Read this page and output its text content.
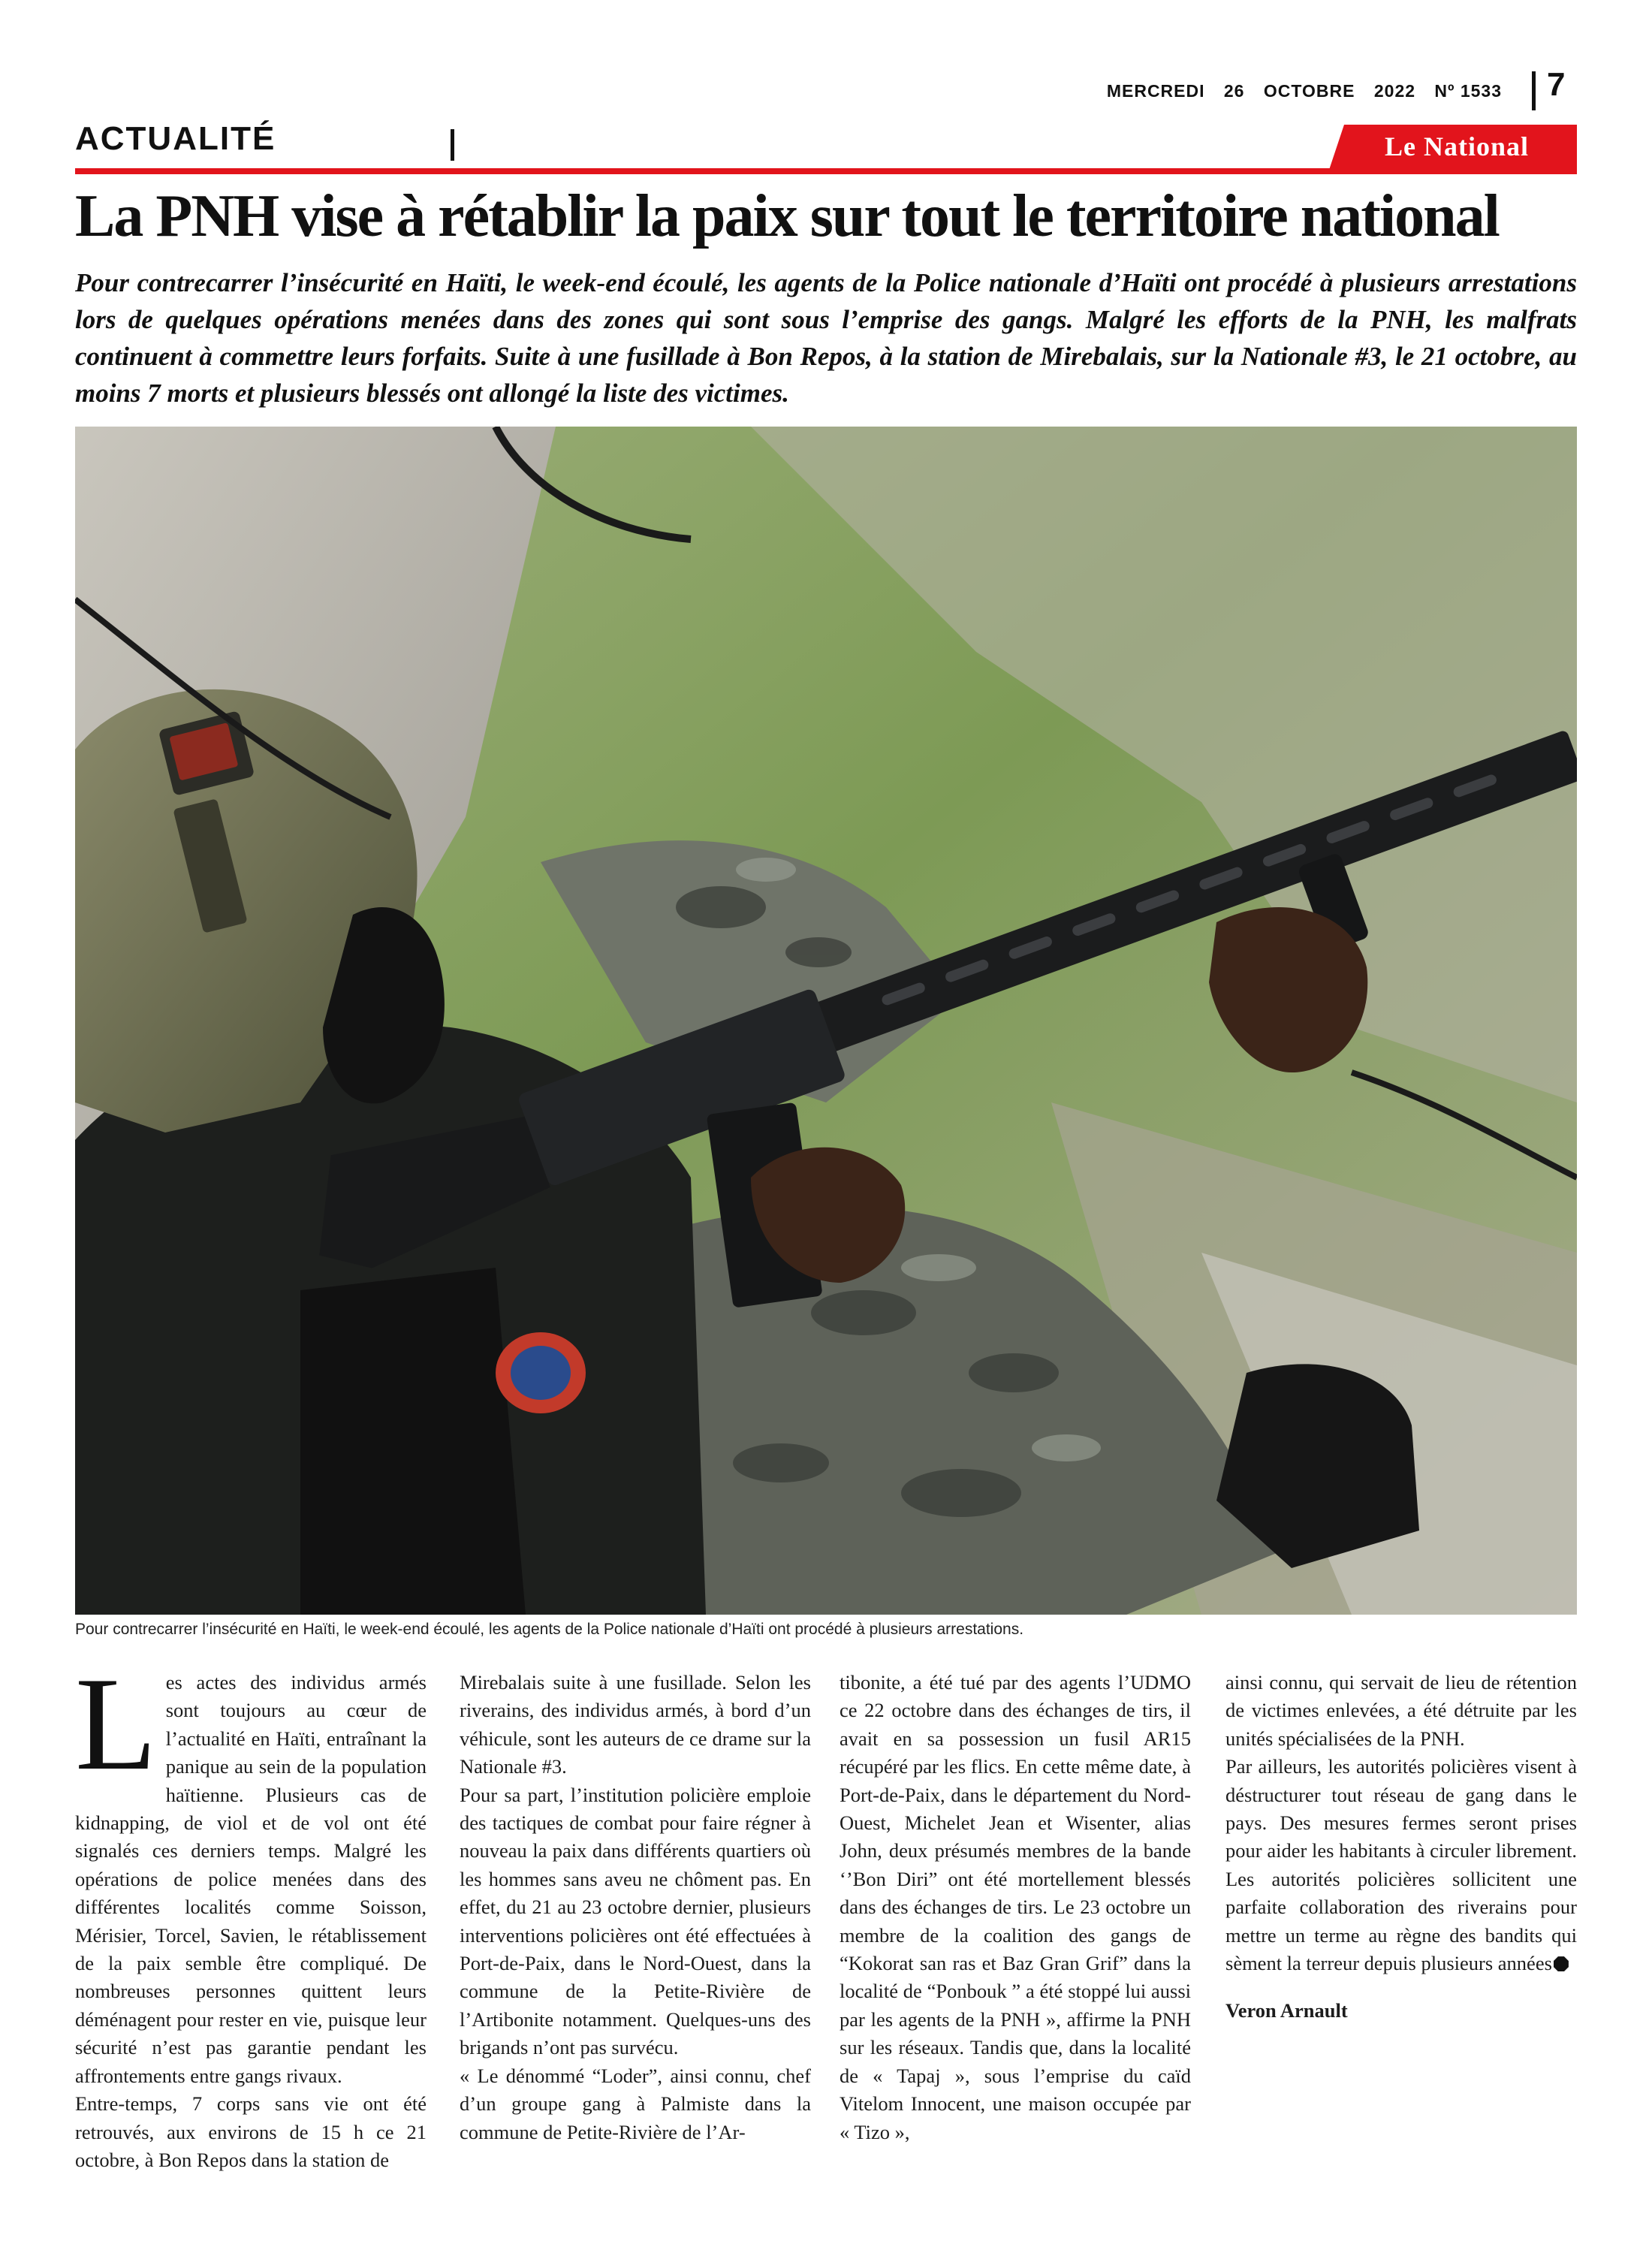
MERCREDI 26 OCTOBRE 2022 Nº 1533 7
ACTUALITÉ	Le National
La PNH vise à rétablir la paix sur tout le territoire national

Pour contrecarrer l’insécurité en Haïti, le week-end écoulé, les agents de la Police nationale d’Haïti ont procédé à plusieurs arrestations lors de quelques opérations menées dans des zones qui sont sous l’emprise des gangs. Malgré les efforts de la PNH, les malfrats continuent à commettre leurs forfaits. Suite à une fusillade à Bon Repos, à la station de Mirebalais, sur la Nationale #3, le 21 octobre, au moins 7 morts et plusieurs blessés ont allongé la liste des victimes.

Pour contrecarrer l’insécurité en Haïti, le week-end écoulé, les agents de la Police nationale d’Haïti ont procédé à plusieurs arrestations.
L es actes des individus armés sont toujours au cœur de l’actualité en Haïti, entraînant la panique au sein de la population haïtienne. Plusieurs cas de kidnapping, de viol et de vol ont été signalés ces derniers temps. Malgré les opérations de police menées dans des différentes localités comme Soisson, Mérisier, Torcel, Savien, le rétablissement de la paix semble être compliqué. De nombreuses personnes quittent leurs déménagent pour rester en vie, puisque leur sécurité n’est pas garantie pendant les affrontements entre gangs rivaux.

Entre-temps, 7 corps sans vie ont été retrouvés, aux environs de 15 h ce 21 octobre, à Bon Repos dans la station de

Mirebalais suite à une fusillade. Selon les riverains, des individus armés, à bord d’un véhicule, sont les auteurs de ce drame sur la Nationale #3.

Pour sa part, l’institution policière emploie des tactiques de combat pour faire régner à nouveau la paix dans différents quartiers où les hommes sans aveu ne chôment pas. En effet, du 21 au 23 octobre dernier, plusieurs interventions policières ont été effectuées à Port-de-Paix, dans le Nord-Ouest, dans la commune de la Petite-Rivière de l’Artibonite notamment. Quelques-uns des brigands n’ont pas survécu.

« Le dénommé “Loder”, ainsi connu, chef d’un groupe gang à Palmiste dans la commune de Petite-Rivière de l’Ar-

tibonite, a été tué par des agents l’UDMO ce 22 octobre dans des échanges de tirs, il avait en sa possession un fusil AR15 récupéré par les flics. En cette même date, à Port-de-Paix, dans le département du Nord-Ouest, Michelet Jean et Wisenter, alias John, deux présumés membres de la bande ‘’Bon Diri” ont été mortellement blessés dans des échanges de tirs. Le 23 octobre un membre de la coalition des gangs de “Kokorat san ras et Baz Gran Grif” dans la localité de “Ponbouk ” a été stoppé lui aussi par les agents de la PNH », affirme la PNH sur les réseaux. Tandis que, dans la localité de « Tapaj », sous l’emprise du caïd Vitelom Innocent, une maison occupée par « Tizo »,

ainsi connu, qui servait de lieu de rétention de victimes enlevées, a été détruite par les unités spécialisées de la PNH.

Par ailleurs, les autorités policières visent à déstructurer tout réseau de gang dans le pays. Des mesures fermes seront prises pour aider les habitants à circuler librement. Les autorités policières sollicitent une parfaite collaboration des riverains pour mettre un terme au règne des bandits qui sèment la terreur depuis plusieurs années

Veron Arnault
